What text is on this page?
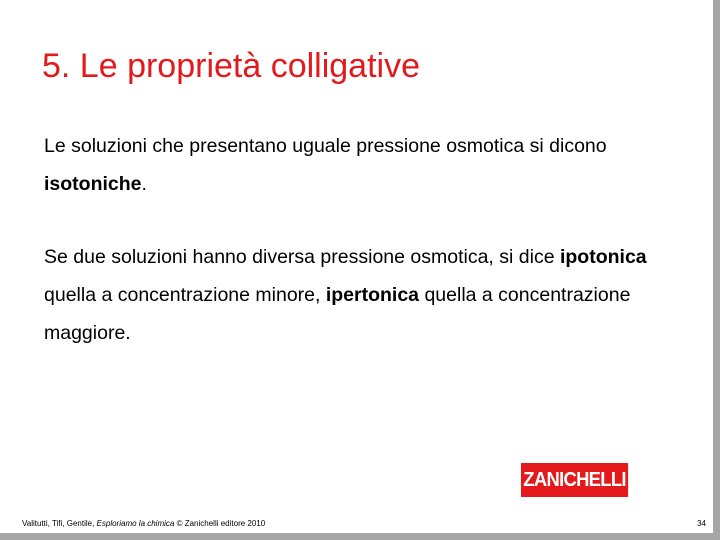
5. Le proprietà colligative

Le soluzioni che presentano uguale pressione osmotica si dicono isotoniche.

Se due soluzioni hanno diversa pressione osmotica, si dice ipotonica quella a concentrazione minore, ipertonica quella a concentrazione maggiore.

ZANICHELLI
Valitutti, Tifi, Gentile, Esploriamo la chimica © Zanichelli editore 2010	34
